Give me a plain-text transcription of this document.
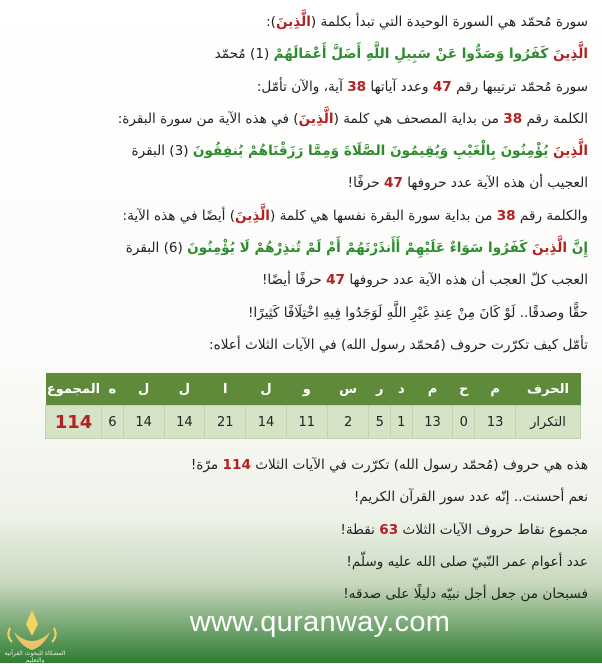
سورة مُحمّد هي السورة الوحيدة التي تبدأ بكلمة (الَّذِينَ):
الَّذِينَ كَفَرُوا وَصَدُّوا عَنْ سَبِيلِ اللَّهِ أَضَلَّ أَعْمَالَهُمْ (1) مُحمّد
سورة مُحمّد ترتيبها رقم 47 وعدد آياتها 38 آية، والآن تأمّل:
الكلمة رقم 38 من بداية المصحف هي كلمة (الَّذِينَ) في هذه الآية من سورة البقرة:
الَّذِينَ يُؤْمِنُونَ بِالْغَيْبِ وَيُقِيمُونَ الصَّلَاةَ وَمِمَّا رَزَقْنَاهُمْ يُنفِقُونَ (3) البقرة
العجيب أن هذه الآية عدد حروفها 47 حرفًا!
والكلمة رقم 38 من بداية سورة البقرة نفسها هي كلمة (الَّذِينَ) أيضًا في هذه الآية:
إِنَّ الَّذِينَ كَفَرُوا سَوَاءٌ عَلَيْهِمْ أَأَنذَرْتَهُمْ أَمْ لَمْ تُنذِرْهُمْ لَا يُؤْمِنُونَ (6) البقرة
العجب كلّ العجب أن هذه الآية عدد حروفها 47 حرفًا أيضًا!
حقًّا وصدقًا.. لَوْ كَانَ مِنْ عِندِ غَيْرِ اللَّهِ لَوَجَدُوا فِيهِ اخْتِلَافًا كَثِيرًا!
تأمّل كيف تكرّرت حروف (مُحمّد رسول الله) في الآيات الثلاث أعلاه:
الحرف	م	ح	م	د	ر	س	و	ل	ا	ل	ل	ه	المجموع
التكرار	13	0	13	1	5	2	11	14	21	14	14	6	114
هذه هي حروف (مُحمّد رسول الله) تكرّرت في الآيات الثلاث 114 مرّة!
نعم أحسنت.. إنّه عدد سور القرآن الكريم!
مجموع نقاط حروف الآيات الثلاث 63 نقطة!
عدد أعوام عمر النّبيّ صلى الله عليه وسلّم!
فسبحان من جعل أجل نبيّه دليلًا على صدقه!
المشكاة للبحوث القرآنية والتعليم
www.quranway.com
